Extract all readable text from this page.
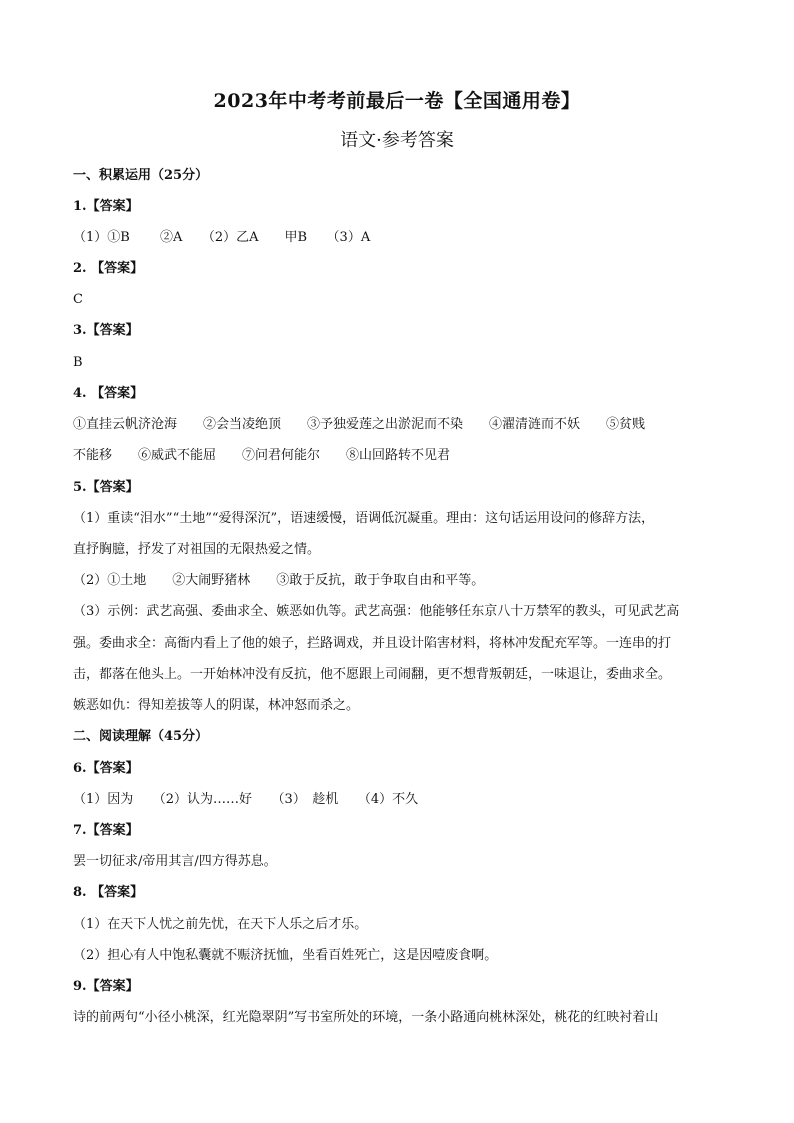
2023年中考考前最后一卷【全国通用卷】
语文·参考答案
一、积累运用（25分）
1.【答案】
（1）①B　　 ②A　　（2）乙A　　甲B　　（3）A
2. 【答案】
C
3.【答案】
B
4. 【答案】
①直挂云帆济沧海　　②会当凌绝顶　　③予独爱莲之出淤泥而不染　　④濯清涟而不妖　　⑤贫贱
不能移　　⑥威武不能屈　　⑦问君何能尔　　⑧山回路转不见君
5.【答案】
（1）重读“泪水”“土地”“爱得深沉”，语速缓慢，语调低沉凝重。理由：这句话运用设问的修辞方法，
直抒胸臆，抒发了对祖国的无限热爱之情。
（2）①土地　　②大闹野猪林　　③敢于反抗，敢于争取自由和平等。
（3）示例：武艺高强、委曲求全、嫉恶如仇等。武艺高强：他能够任东京八十万禁军的教头，可见武艺高
强。委曲求全：高衙内看上了他的娘子，拦路调戏，并且设计陷害材料，将林冲发配充军等。一连串的打
击，都落在他头上。一开始林冲没有反抗，他不愿跟上司闹翻，更不想背叛朝廷，一味退让，委曲求全。
嫉恶如仇：得知差拔等人的阴谋，林冲怒而杀之。
二、阅读理解（45分）
6.【答案】
（1）因为　　（2）认为……好　　（3）　趁机　　（4）不久
7.【答案】
罢一切征求/帝用其言/四方得苏息。
8. 【答案】
（1）在天下人忧之前先忧，在天下人乐之后才乐。
（2）担心有人中饱私囊就不赈济抚恤，坐看百姓死亡，这是因噎废食啊。
9.【答案】
诗的前两句“小径小桃深，红光隐翠阴”写书室所处的环境，一条小路通向桃林深处，桃花的红映衬着山
